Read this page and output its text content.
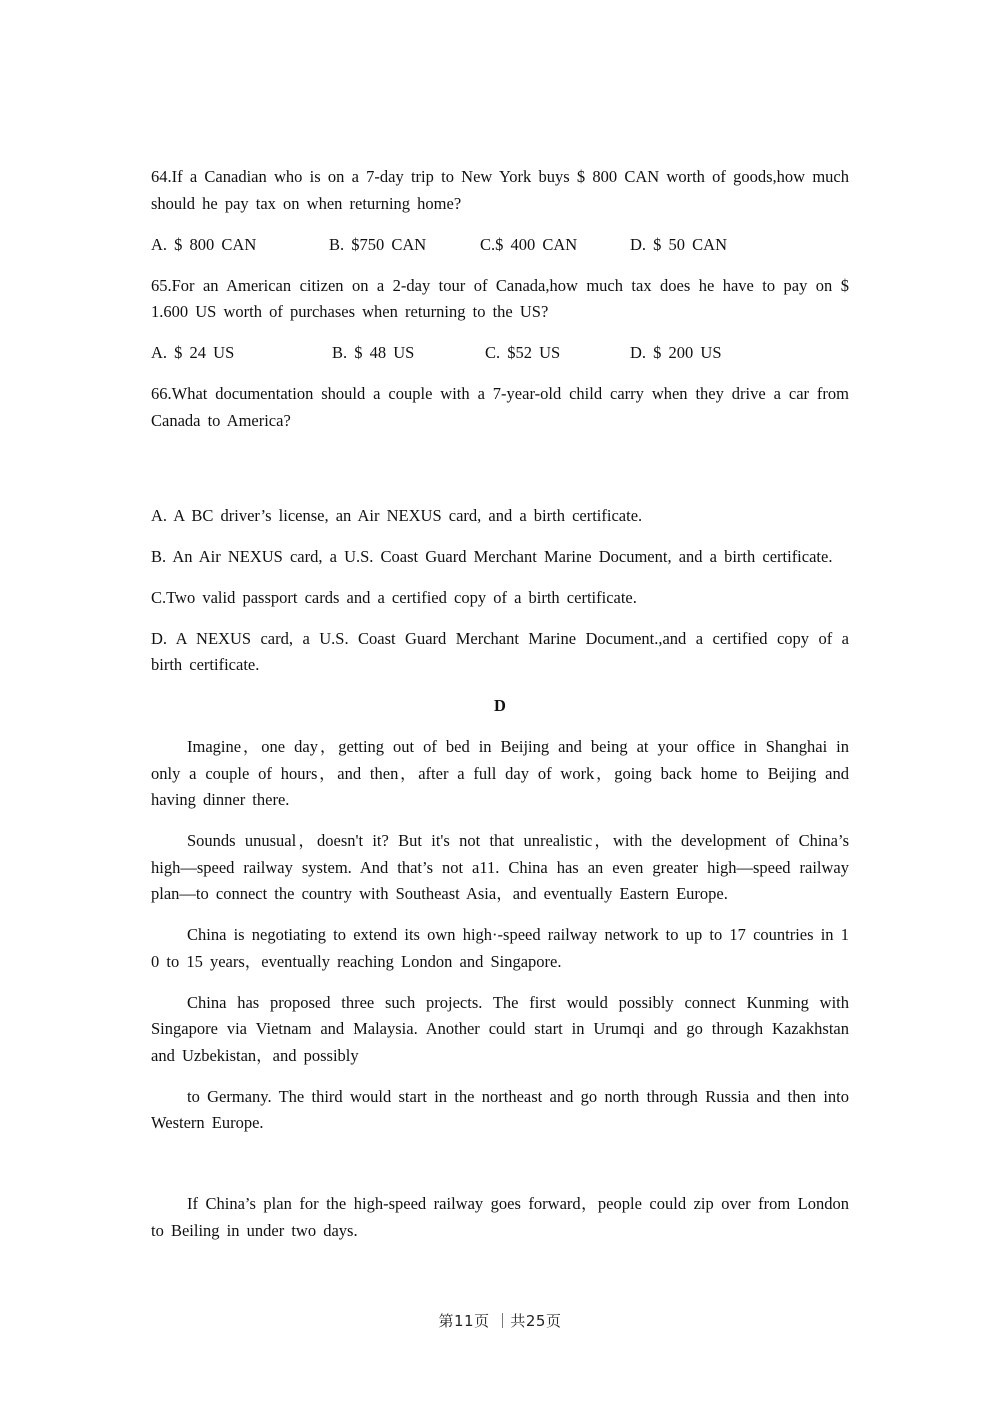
64.If a Canadian who is on a 7-day trip to New York buys $ 800 CAN worth of goods,how much should he pay tax on when returning home?

A. $ 800 CAN	B. $750 CAN	C.$ 400 CAN	D. $ 50 CAN

65.For an American citizen on a 2-day tour of Canada,how much tax does he have to pay on $ 1.600 US worth of purchases when returning to the US?

A. $ 24 US	B. $ 48 US	C. $52 US	D. $ 200 US

66.What documentation should a couple with a 7-year-old child carry when they drive a car from Canada to America?

A. A BC driver’s license, an Air NEXUS card, and a birth certificate.

B. An Air NEXUS card, a U.S. Coast Guard Merchant Marine Document, and a birth certificate.

C.Two valid passport cards and a certified copy of a birth certificate.

D. A NEXUS card, a U.S. Coast Guard Merchant Marine Document.,and a certified copy of a birth certificate.

D

Imagine，one day，getting out of bed in Beijing and being at your office in Shanghai in only a couple of hours，and then，after a full day of work，going back home to Beijing and having dinner there.

Sounds unusual，doesn't it? But it's not that unrealistic，with the development of China’s high—speed railway system. And that’s not a11. China has an even greater high—speed railway plan—to connect the country with Southeast Asia，and eventually Eastern Europe.

China is negotiating to extend its own high·-speed railway network to up to 17 countries in 1 0 to 15 years，eventually reaching London and Singapore.

China has proposed three such projects. The first would possibly connect Kunming with Singapore via Vietnam and Malaysia. Another could start in Urumqi and go through Kazakhstan and Uzbekistan，and possibly

to Germany. The third would start in the northeast and go north through Russia and then into Western Europe.

If China’s plan for the high-speed railway goes forward，people could zip over from London to Beiling in under two days.

第11页 ｜共25页
